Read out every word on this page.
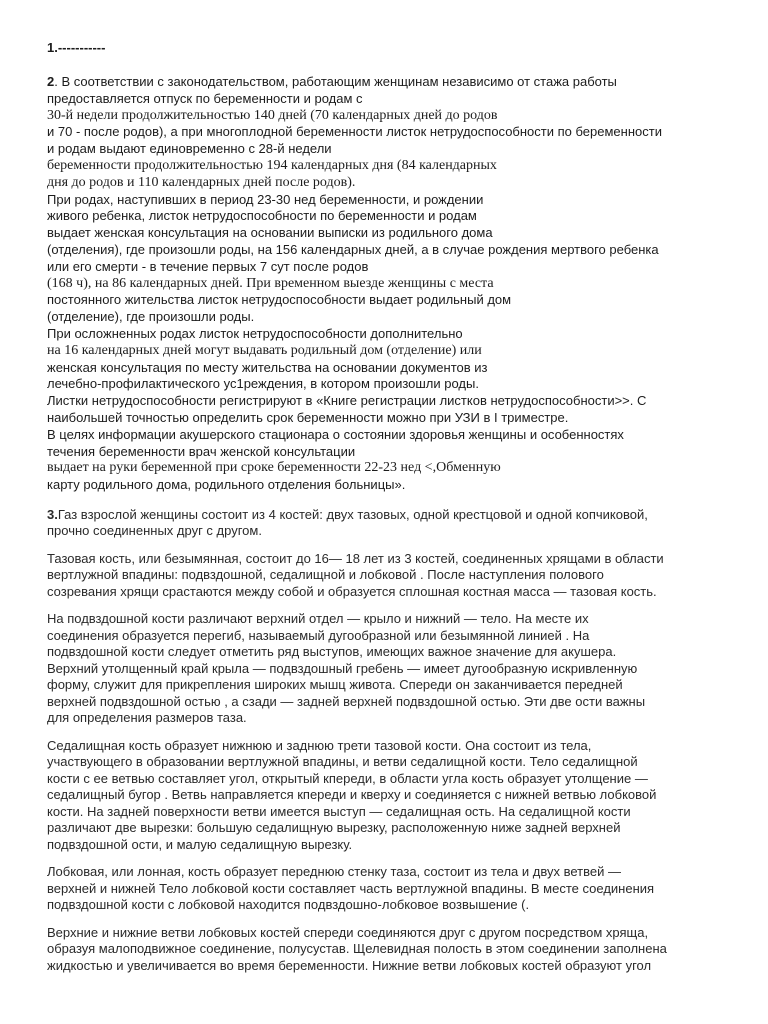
1.-----------
2. В соответствии с законодательством, работающим женщинам независимо от стажа работы
предоставляется отпуск по беременности и родам с
30-й недели продолжительностью 140 дней (70 календарных дней до родов
и 70 - после родов), а при многоплодной беременности листок нетрудоспособности по беременности
и родам выдают единовременно с 28-й недели
беременности продолжительностью 194 календарных дня (84 календарных
дня до родов и 110 календарных дней после родов).
При родах, наступивших в период 23-30 нед беременности, и рождении
живого ребенка, листок нетрудоспособности по беременности и родам
выдает женская консультация на основании выписки из родильного дома
(отделения), где произошли роды, на 156 календарных дней, а в случае рождения мертвого ребенка
или его смерти - в течение первых 7 сут после родов
(168 ч), на 86 календарных дней. При временном выезде женщины с места
постоянного жительства листок нетрудоспособности выдает родильный дом
(отделение), где произошли роды.
При осложненных родах листок нетрудоспособности дополнительно
на 16 календарных дней могут выдавать родильный дом (отделение) или
женская консультация по месту жительства на основании документов из
лечебно-профилактического ус1реждения, в котором произошли роды.
Листки нетрудоспособности регистрируют в «Книге регистрации листков нетрудоспособности>>. С
наибольшей точностью определить срок беременности можно при УЗИ в I триместре.
В целях информации акушерского стационара о состоянии здоровья женщины и особенностях
течения беременности врач женской консультации
выдает на руки беременной при сроке беременности 22-23 нед <,Обменную
карту родильного дома, родильного отделения больницы».
3.Газ взрослой женщины состоит из 4 костей: двух тазовых, одной крестцовой и одной копчиковой,
прочно соединенных друг с другом.
Тазовая кость, или безымянная, состоит до 16— 18 лет из 3 костей, соединенных хрящами в области
вертлужной впадины: подвздошной, седалищной и лобковой . После наступления полового
созревания хрящи срастаются между собой и образуется сплошная костная масса — тазовая кость.
На подвздошной кости различают верхний отдел — крыло и нижний — тело. На месте их
соединения образуется перегиб, называемый дугообразной или безымянной линией . На
подвздошной кости следует отметить ряд выступов, имеющих важное значение для акушера.
Верхний утолщенный край крыла — подвздошный гребень — имеет дугообразную искривленную
форму, служит для прикрепления широких мышц живота. Спереди он заканчивается передней
верхней подвздошной остью , а сзади — задней верхней подвздошной остью. Эти две ости важны
для определения размеров таза.
Седалищная кость образует нижнюю и заднюю трети тазовой кости. Она состоит из тела,
участвующего в образовании вертлужной впадины, и ветви седалищной кости. Тело седалищной
кости с ее ветвью составляет угол, открытый кпереди, в области угла кость образует утолщение —
седалищный бугор . Ветвь направляется кпереди и кверху и соединяется с нижней ветвью лобковой
кости. На задней поверхности ветви имеется выступ — седалищная ость. На седалищной кости
различают две вырезки: большую седалищную вырезку, расположенную ниже задней верхней
подвздошной ости, и малую седалищную вырезку.
Лобковая, или лонная, кость образует переднюю стенку таза, состоит из тела и двух ветвей —
верхней и нижней Тело лобковой кости составляет часть вертлужной впадины. В месте соединения
подвздошной кости с лобковой находится подвздошно-лобковое возвышение (.
Верхние и нижние ветви лобковых костей спереди соединяются друг с другом посредством хряща,
образуя малоподвижное соединение, полусустав. Щелевидная полость в этом соединении заполнена
жидкостью и увеличивается во время беременности. Нижние ветви лобковых костей образуют угол
